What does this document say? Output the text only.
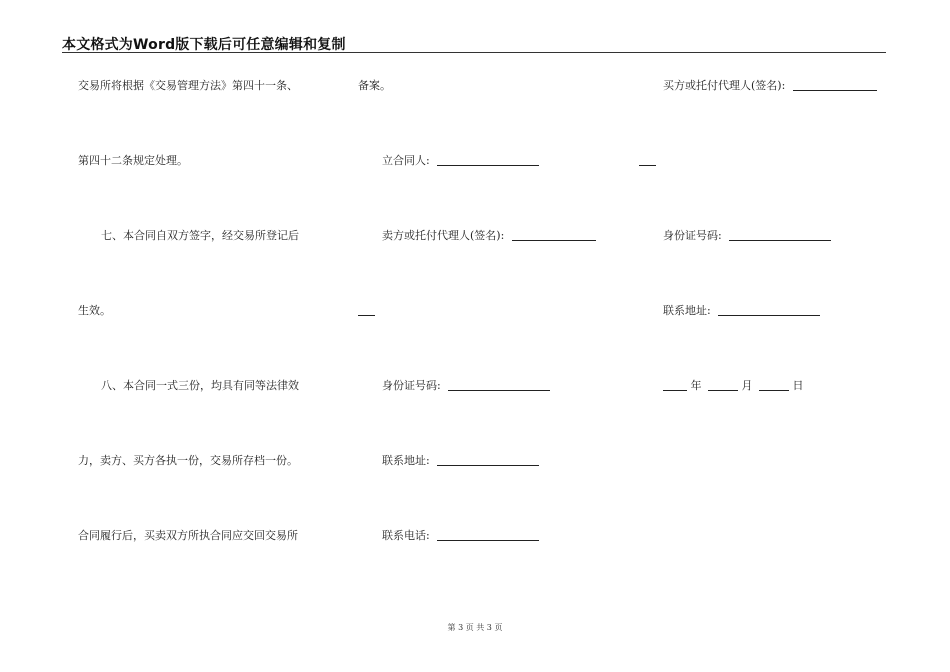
本文格式为Word版下载后可任意编辑和复制
交易所将根据《交易管理方法》第四十一条、
第四十二条规定处理。
七、本合同自双方签字，经交易所登记后
生效。
八、本合同一式三份，均具有同等法律效
力，卖方、买方各执一份，交易所存档一份。
合同履行后，买卖双方所执合同应交回交易所
备案。
立合同人:
卖方或托付代理人(签名):
身份证号码:
联系地址:
联系电话:
买方或托付代理人(签名):
身份证号码:
联系地址:
年	月	日
第 3 页 共 3 页
